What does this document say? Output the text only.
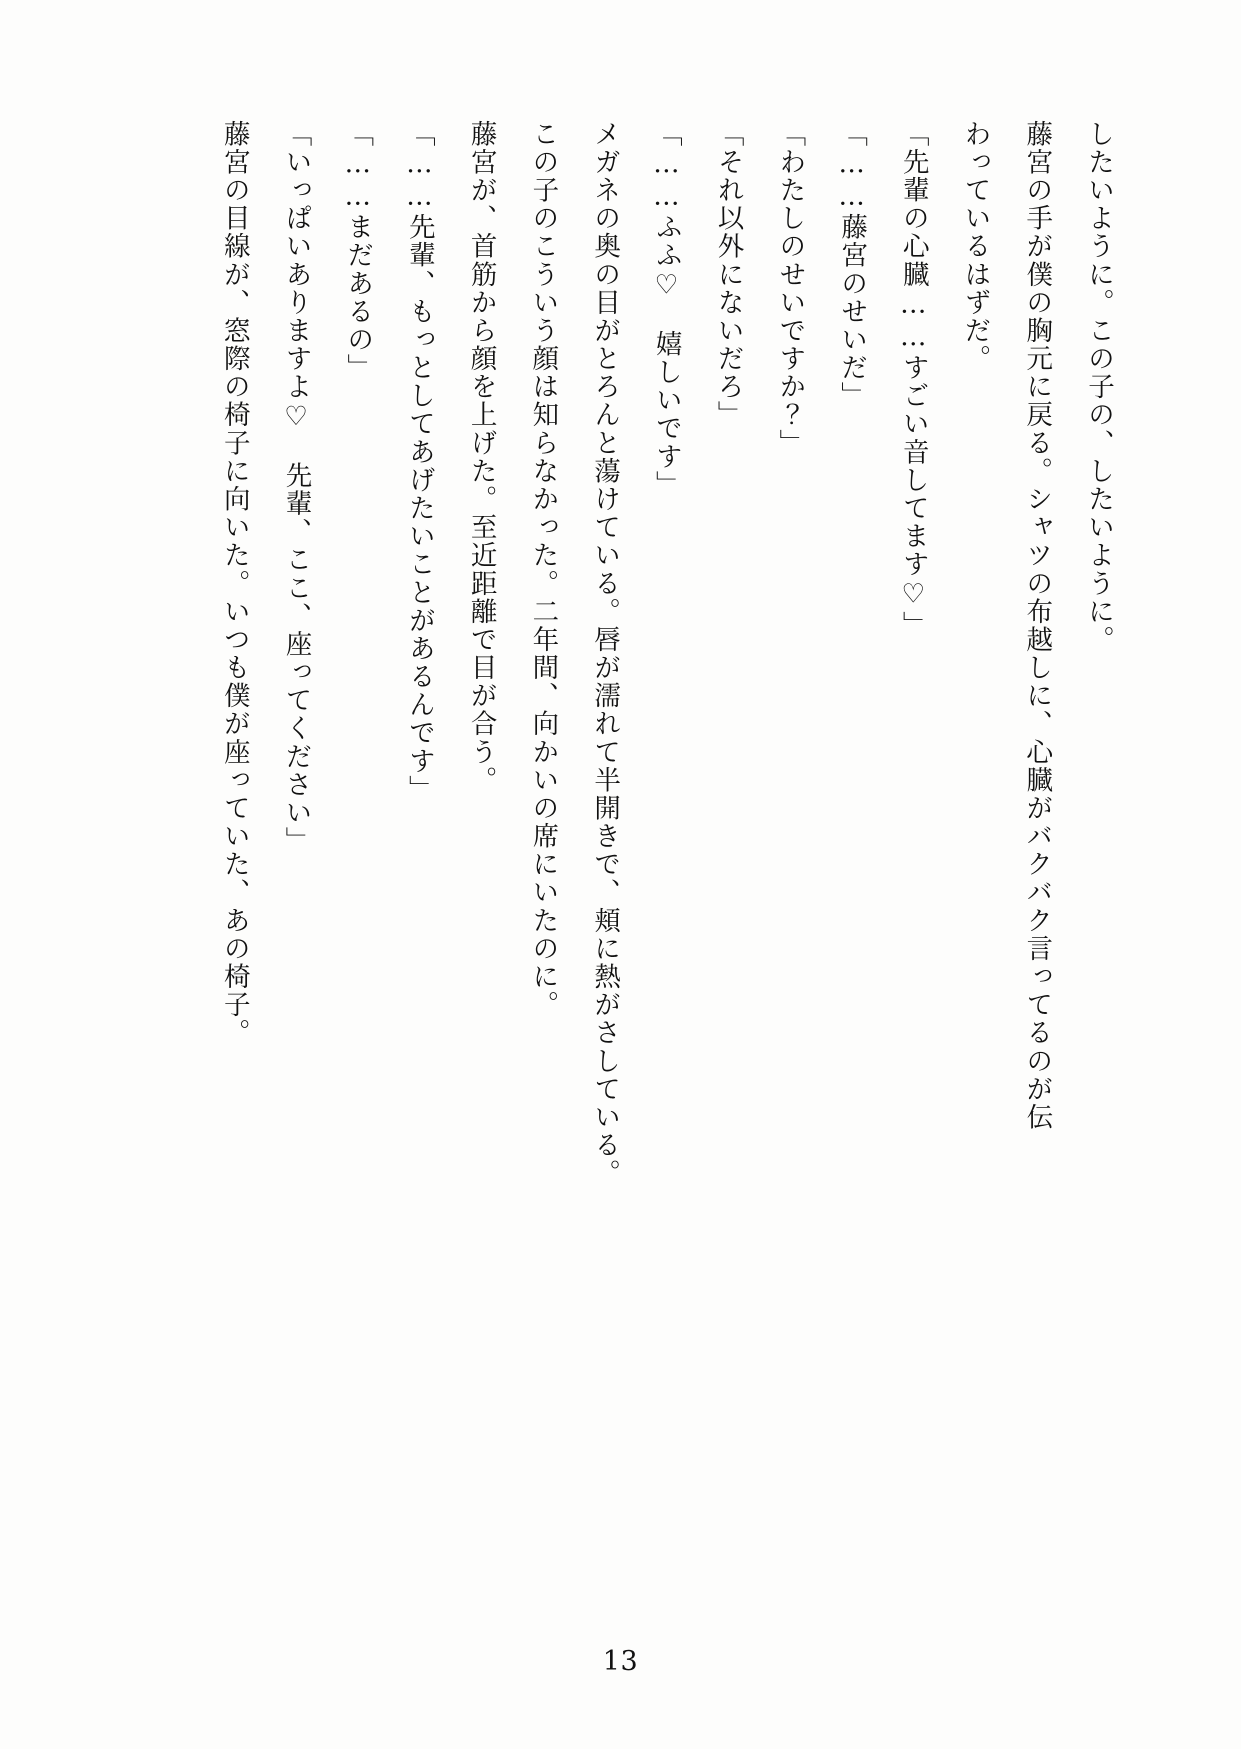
したいように。この子の、したいように。
藤宮の手が僕の胸元に戻る。シャツの布越しに、心臓がバクバク言ってるのが伝
わっているはずだ。
「先輩の心臓……すごい音してます♡」
「……藤宮のせいだ」
「わたしのせいですか？」
「それ以外にないだろ」
「……ふふ♡　嬉しいです」
メガネの奥の目がとろんと蕩けている。唇が濡れて半開きで、頬に熱がさしている。
この子のこういう顔は知らなかった。二年間、向かいの席にいたのに。
藤宮が、首筋から顔を上げた。至近距離で目が合う。
「……先輩、もっとしてあげたいことがあるんです」
「……まだあるの」
「いっぱいありますよ♡　先輩、ここ、座ってください」
藤宮の目線が、窓際の椅子に向いた。いつも僕が座っていた、あの椅子。
13
